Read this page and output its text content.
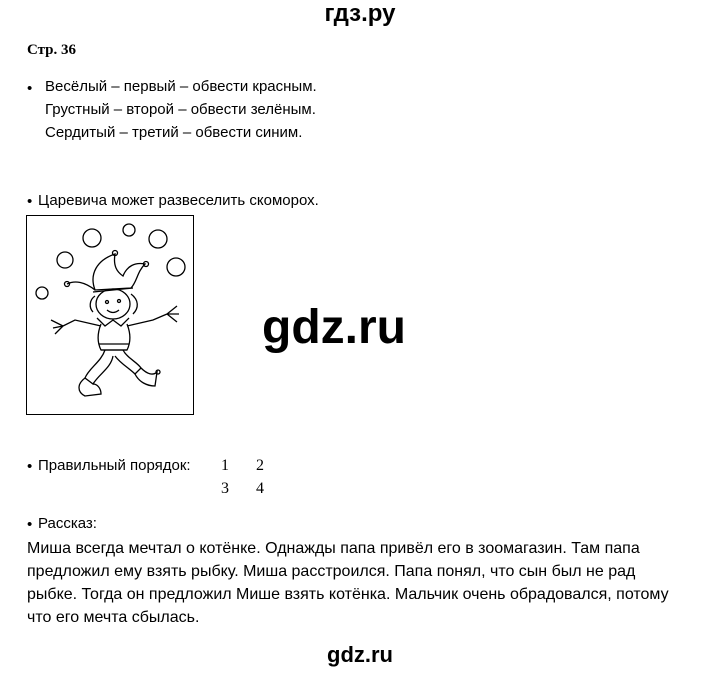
гдз.ру
Стр. 36
• Весёлый – первый – обвести красным.
Грустный – второй – обвести зелёным.
Сердитый – третий – обвести синим.
• Царевича может развеселить скоморох.
gdz.ru
• Правильный порядок: 1 2
3 4
• Рассказ:
Миша всегда мечтал о котёнке. Однажды папа привёл его в зоомагазин. Там папа
предложил ему взять рыбку. Миша расстроился. Папа понял, что сын был не рад
рыбке. Тогда он предложил Мише взять котёнка. Мальчик очень обрадовался, потому
что его мечта сбылась.
gdz.ru
